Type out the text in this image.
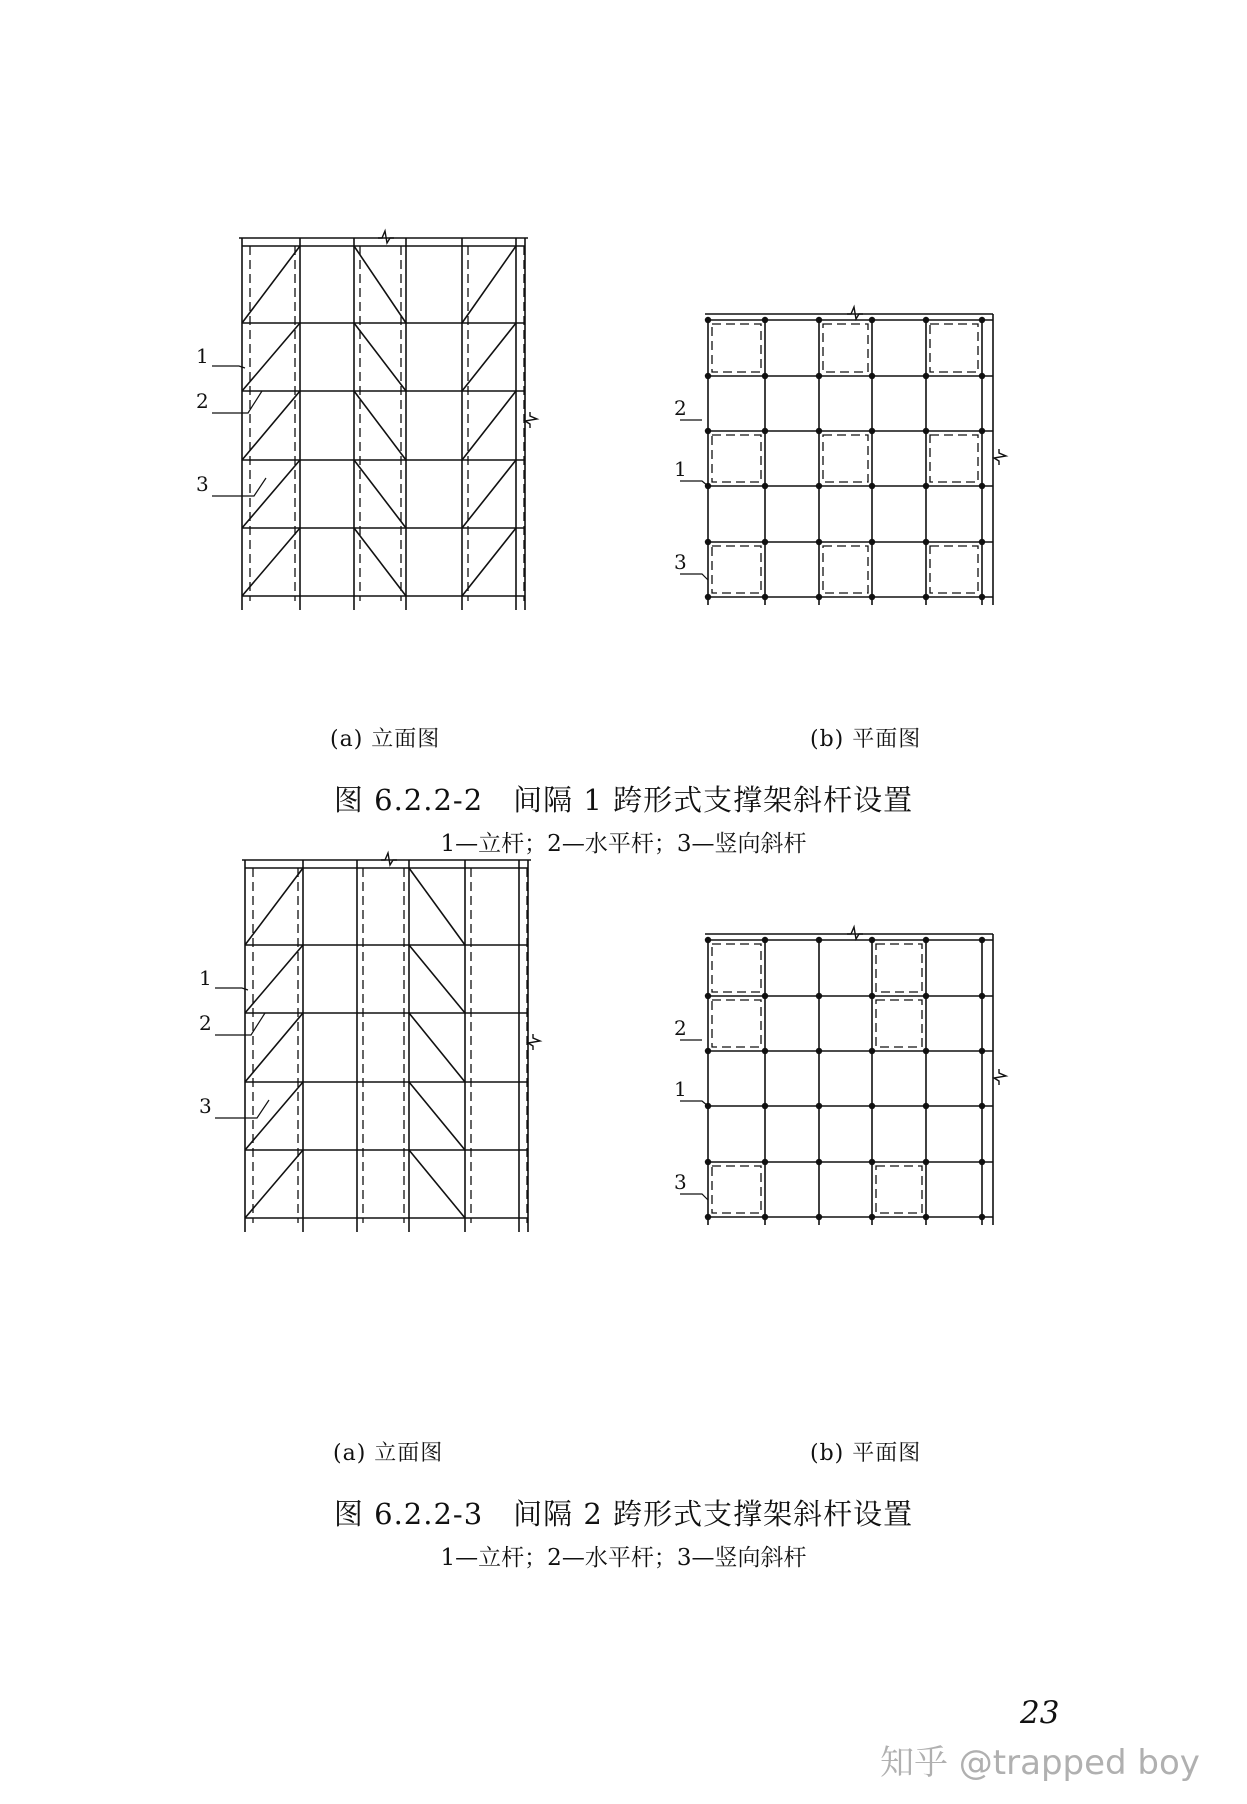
1
2
3
2
1
3
(a) 立面图	(b) 平面图
图 6.2.2-2　间隔 1 跨形式支撑架斜杆设置
1—立杆；2—水平杆；3—竖向斜杆
1
2
3
2
1
3
(a) 立面图	(b) 平面图
图 6.2.2-3　间隔 2 跨形式支撑架斜杆设置
1—立杆；2—水平杆；3—竖向斜杆
23
知乎 @trapped boy
